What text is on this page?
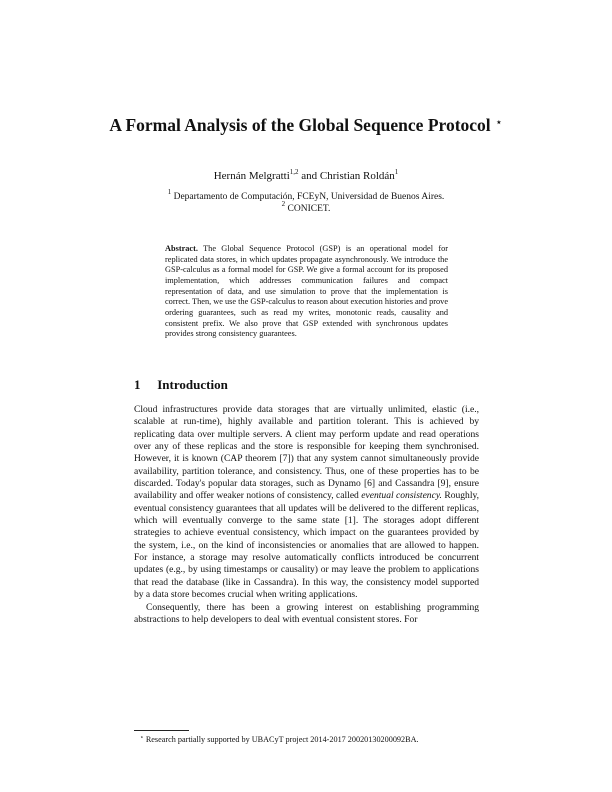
A Formal Analysis of the Global Sequence Protocol ⋆
Hernán Melgratti$^{1,2}$ and Christian Roldán$^1$
$^1$ Departamento de Computación, FCEyN, Universidad de Buenos Aires.
$^2$ CONICET.
Abstract. The Global Sequence Protocol (GSP) is an operational model for replicated data stores, in which updates propagate asynchronously. We introduce the GSP-calculus as a formal model for GSP. We give a formal account for its proposed implementation, which addresses communication failures and compact representation of data, and use simulation to prove that the implementation is correct. Then, we use the GSP-calculus to reason about execution histories and prove ordering guarantees, such as read my writes, monotonic reads, causality and consistent prefix. We also prove that GSP extended with synchronous updates provides strong consistency guarantees.
1 Introduction

Cloud infrastructures provide data storages that are virtually unlimited, elastic (i.e., scalable at run-time), highly available and partition tolerant. This is achieved by replicating data over multiple servers. A client may perform update and read operations over any of these replicas and the store is responsible for keeping them synchronised. However, it is known (CAP theorem [7]) that any system cannot simultaneously provide availability, partition tolerance, and consistency. Thus, one of these properties has to be discarded. Today's popular data storages, such as Dynamo [6] and Cassandra [9], ensure availability and offer weaker notions of consistency, called eventual consistency. Roughly, eventual consistency guarantees that all updates will be delivered to the different replicas, which will eventually converge to the same state [1]. The storages adopt different strategies to achieve eventual consistency, which impact on the guarantees provided by the system, i.e., on the kind of inconsistencies or anomalies that are allowed to happen. For instance, a storage may resolve automatically conflicts introduced be concurrent updates (e.g., by using timestamps or causality) or may leave the problem to applications that read the database (like in Cassandra). In this way, the consistency model supported by a data store becomes crucial when writing applications.

Consequently, there has been a growing interest on establishing programming abstractions to help developers to deal with eventual consistent stores. For

⋆ Research partially supported by UBACyT project 2014-2017 20020130200092BA.
